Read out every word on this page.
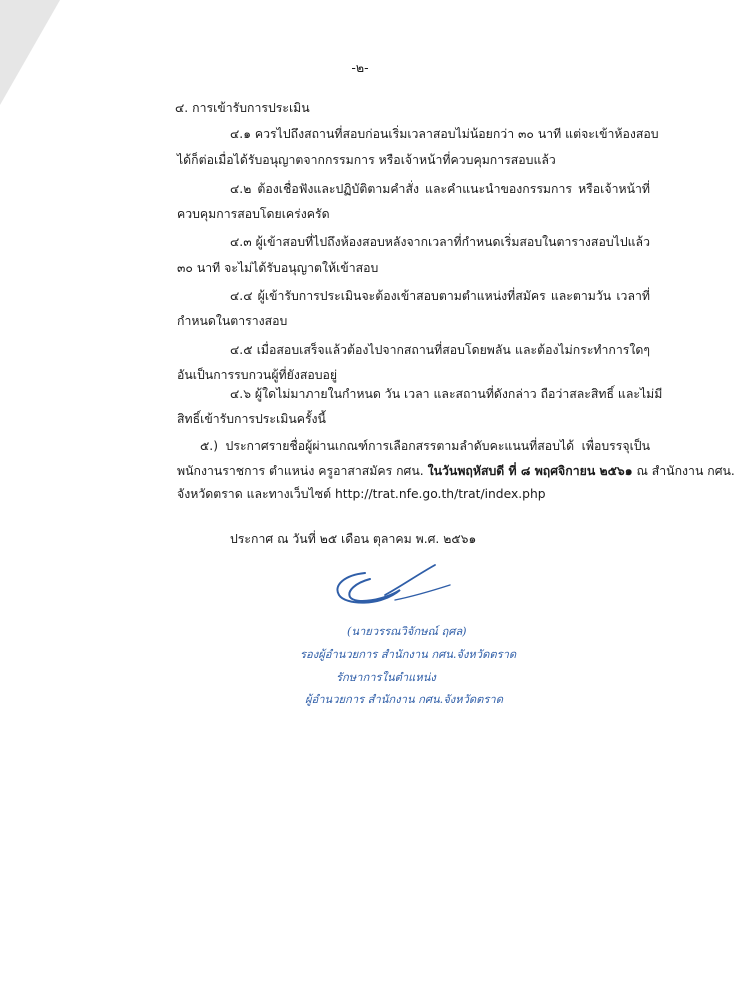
-๒-
๔. การเข้ารับการประเมิน
๔.๑ ควรไปถึงสถานที่สอบก่อนเริ่มเวลาสอบไม่น้อยกว่า ๓๐ นาที แต่จะเข้าห้องสอบ
ได้ก็ต่อเมื่อได้รับอนุญาตจากกรรมการ หรือเจ้าหน้าที่ควบคุมการสอบแล้ว
๔.๒ ต้องเชื่อฟังและปฏิบัติตามคำสั่ง และคำแนะนำของกรรมการ หรือเจ้าหน้าที่
ควบคุมการสอบโดยเคร่งครัด
๔.๓ ผู้เข้าสอบที่ไปถึงห้องสอบหลังจากเวลาที่กำหนดเริ่มสอบในตารางสอบไปแล้ว
๓๐ นาที จะไม่ได้รับอนุญาตให้เข้าสอบ
๔.๔ ผู้เข้ารับการประเมินจะต้องเข้าสอบตามตำแหน่งที่สมัคร และตามวัน เวลาที่
กำหนดในตารางสอบ
๔.๕ เมื่อสอบเสร็จแล้วต้องไปจากสถานที่สอบโดยพลัน และต้องไม่กระทำการใดๆ
อันเป็นการรบกวนผู้ที่ยังสอบอยู่
๔.๖ ผู้ใดไม่มาภายในกำหนด วัน เวลา และสถานที่ดังกล่าว ถือว่าสละสิทธิ์ และไม่มี
สิทธิ์เข้ารับการประเมินครั้งนี้
๕.) ประกาศรายชื่อผู้ผ่านเกณฑ์การเลือกสรรตามลำดับคะแนนที่สอบได้ เพื่อบรรจุเป็น
พนักงานราชการ ตำแหน่ง ครูอาสาสมัคร กศน. ในวันพฤหัสบดี ที่ ๘ พฤศจิกายน ๒๕๖๑ ณ สำนักงาน กศน.
จังหวัดตราด และทางเว็บไซต์ http://trat.nfe.go.th/trat/index.php
ประกาศ ณ วันที่ ๒๕ เดือน ตุลาคม พ.ศ. ๒๕๖๑
(นายวรรณวิจักษณ์ ฤศล)
รองผู้อำนวยการ สำนักงาน กศน.จังหวัดตราด
รักษาการในตำแหน่ง
ผู้อำนวยการ สำนักงาน กศน.จังหวัดตราด
